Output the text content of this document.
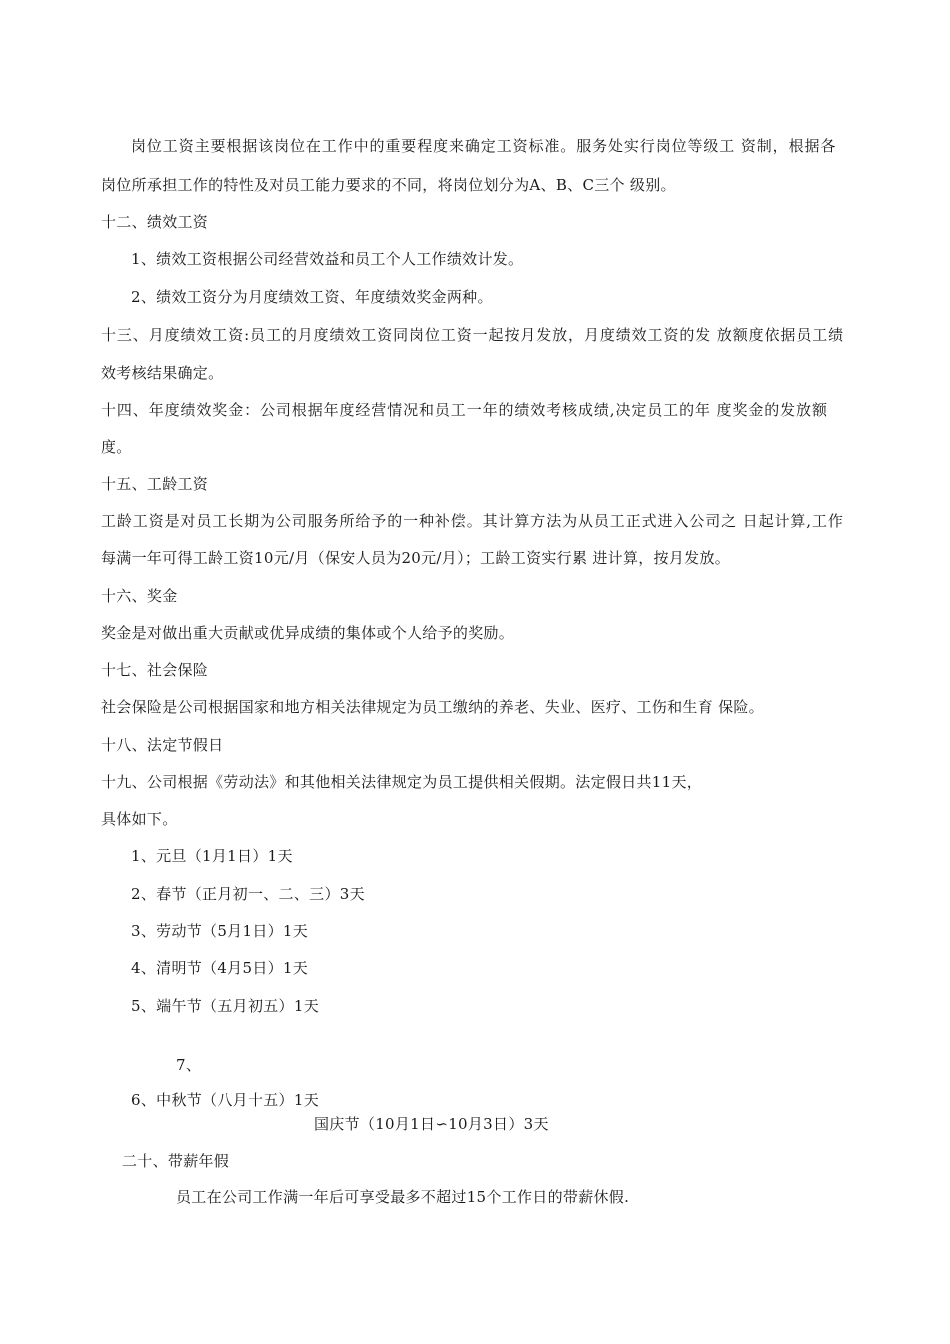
岗位工资主要根据该岗位在工作中的重要程度来确定工资标准。服务处实行岗位等级工 资制，根据各
岗位所承担工作的特性及对员工能力要求的不同，将岗位划分为A、B、C三个 级别。
十二、绩效工资
1、绩效工资根据公司经营效益和员工个人工作绩效计发。
2、绩效工资分为月度绩效工资、年度绩效奖金两种。
十三、月度绩效工资:员工的月度绩效工资同岗位工资一起按月发放，月度绩效工资的发 放额度依据员工绩
效考核结果确定。
十四、年度绩效奖金：公司根据年度经营情况和员工一年的绩效考核成绩,决定员工的年 度奖金的发放额
度。
十五、工龄工资
工龄工资是对员工长期为公司服务所给予的一种补偿。其计算方法为从员工正式进入公司之 日起计算,工作
每满一年可得工龄工资10元/月（保安人员为20元/月）；工龄工资实行累 进计算，按月发放。
十六、奖金
奖金是对做出重大贡献或优异成绩的集体或个人给予的奖励。
十七、社会保险
社会保险是公司根据国家和地方相关法律规定为员工缴纳的养老、失业、医疗、工伤和生育 保险。
十八、法定节假日
十九、公司根据《劳动法》和其他相关法律规定为员工提供相关假期。法定假日共11天，
具体如下。
1、元旦（1月1日）1天
2、春节（正月初一、二、三）3天
3、劳动节（5月1日）1天
4、清明节（4月5日）1天
5、端午节（五月初五）1天
7、
6、中秋节（八月十五）1天
国庆节（10月1日∽10月3日）3天
二十、带薪年假
员工在公司工作满一年后可享受最多不超过15个工作日的带薪休假.
